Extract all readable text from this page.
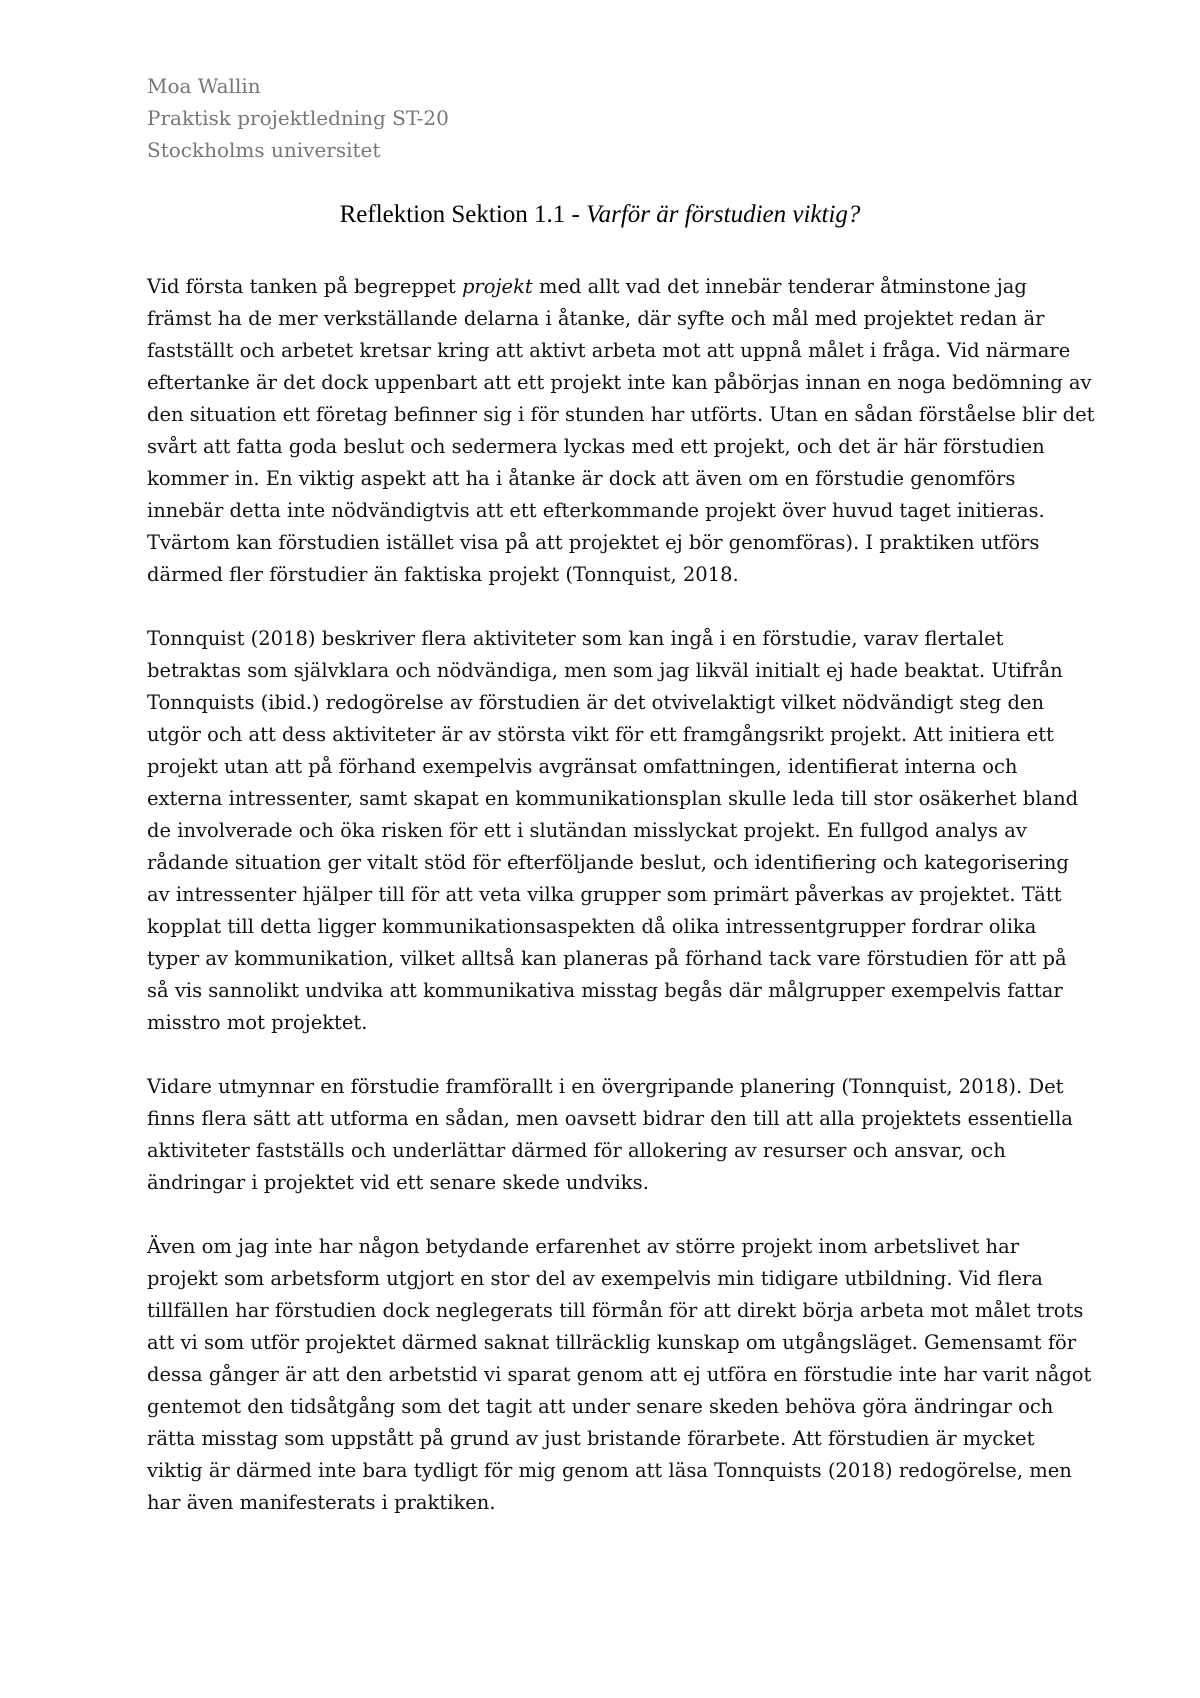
Moa Wallin
Praktisk projektledning ST-20
Stockholms universitet
Reflektion Sektion 1.1 - Varför är förstudien viktig?
Vid första tanken på begreppet projekt med allt vad det innebär tenderar åtminstone jag
främst ha de mer verkställande delarna i åtanke, där syfte och mål med projektet redan är
fastställt och arbetet kretsar kring att aktivt arbeta mot att uppnå målet i fråga. Vid närmare
eftertanke är det dock uppenbart att ett projekt inte kan påbörjas innan en noga bedömning av
den situation ett företag befinner sig i för stunden har utförts. Utan en sådan förståelse blir det
svårt att fatta goda beslut och sedermera lyckas med ett projekt, och det är här förstudien
kommer in. En viktig aspekt att ha i åtanke är dock att även om en förstudie genomförs
innebär detta inte nödvändigtvis att ett efterkommande projekt över huvud taget initieras.
Tvärtom kan förstudien istället visa på att projektet ej bör genomföras). I praktiken utförs
därmed fler förstudier än faktiska projekt (Tonnquist, 2018.
Tonnquist (2018) beskriver flera aktiviteter som kan ingå i en förstudie, varav flertalet
betraktas som självklara och nödvändiga, men som jag likväl initialt ej hade beaktat. Utifrån
Tonnquists (ibid.) redogörelse av förstudien är det otvivelaktigt vilket nödvändigt steg den
utgör och att dess aktiviteter är av största vikt för ett framgångsrikt projekt. Att initiera ett
projekt utan att på förhand exempelvis avgränsat omfattningen, identifierat interna och
externa intressenter, samt skapat en kommunikationsplan skulle leda till stor osäkerhet bland
de involverade och öka risken för ett i slutändan misslyckat projekt. En fullgod analys av
rådande situation ger vitalt stöd för efterföljande beslut, och identifiering och kategorisering
av intressenter hjälper till för att veta vilka grupper som primärt påverkas av projektet. Tätt
kopplat till detta ligger kommunikationsaspekten då olika intressentgrupper fordrar olika
typer av kommunikation, vilket alltså kan planeras på förhand tack vare förstudien för att på
så vis sannolikt undvika att kommunikativa misstag begås där målgrupper exempelvis fattar
misstro mot projektet.
Vidare utmynnar en förstudie framförallt i en övergripande planering (Tonnquist, 2018). Det
finns flera sätt att utforma en sådan, men oavsett bidrar den till att alla projektets essentiella
aktiviteter fastställs och underlättar därmed för allokering av resurser och ansvar, och
ändringar i projektet vid ett senare skede undviks.
Även om jag inte har någon betydande erfarenhet av större projekt inom arbetslivet har
projekt som arbetsform utgjort en stor del av exempelvis min tidigare utbildning. Vid flera
tillfällen har förstudien dock neglegerats till förmån för att direkt börja arbeta mot målet trots
att vi som utför projektet därmed saknat tillräcklig kunskap om utgångsläget. Gemensamt för
dessa gånger är att den arbetstid vi sparat genom att ej utföra en förstudie inte har varit något
gentemot den tidsåtgång som det tagit att under senare skeden behöva göra ändringar och
rätta misstag som uppstått på grund av just bristande förarbete. Att förstudien är mycket
viktig är därmed inte bara tydligt för mig genom att läsa Tonnquists (2018) redogörelse, men
har även manifesterats i praktiken.
